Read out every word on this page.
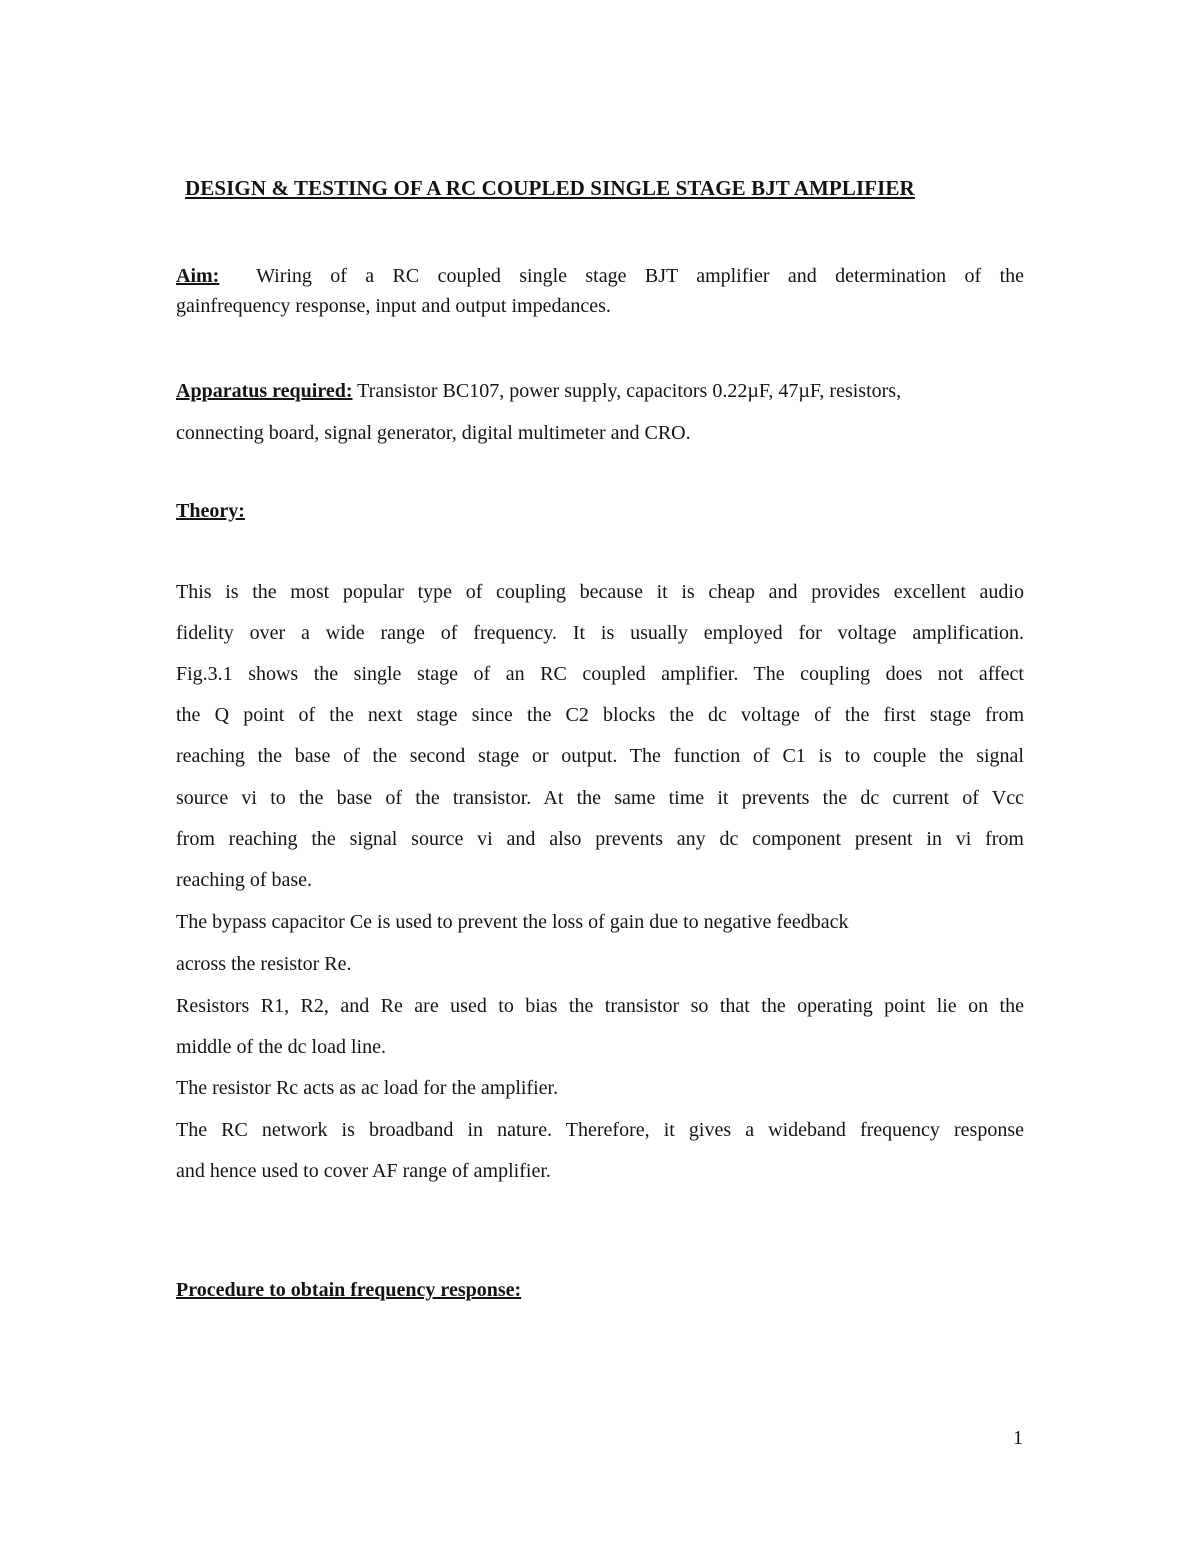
DESIGN & TESTING OF A RC COUPLED SINGLE STAGE BJT AMPLIFIER
Aim: Wiring of a RC coupled single stage BJT amplifier and determination of the
gainfrequency response, input and output impedances.
Apparatus required: Transistor BC107, power supply, capacitors 0.22µF, 47µF, resistors,
connecting board, signal generator, digital multimeter and CRO.
Theory:
This is the most popular type of coupling because it is cheap and provides excellent audio
fidelity over a wide range of frequency. It is usually employed for voltage amplification.
Fig.3.1 shows the single stage of an RC coupled amplifier. The coupling does not affect
the Q point of the next stage since the C2 blocks the dc voltage of the first stage from
reaching the base of the second stage or output. The function of C1 is to couple the signal
source vi to the base of the transistor. At the same time it prevents the dc current of Vcc
from reaching the signal source vi and also prevents any dc component present in vi from
reaching of base.
The bypass capacitor Ce is used to prevent the loss of gain due to negative feedback
across the resistor Re.
Resistors R1, R2, and Re are used to bias the transistor so that the operating point lie on the
middle of the dc load line.
The resistor Rc acts as ac load for the amplifier.
The RC network is broadband in nature. Therefore, it gives a wideband frequency response
and hence used to cover AF range of amplifier.
Procedure to obtain frequency response:
1
